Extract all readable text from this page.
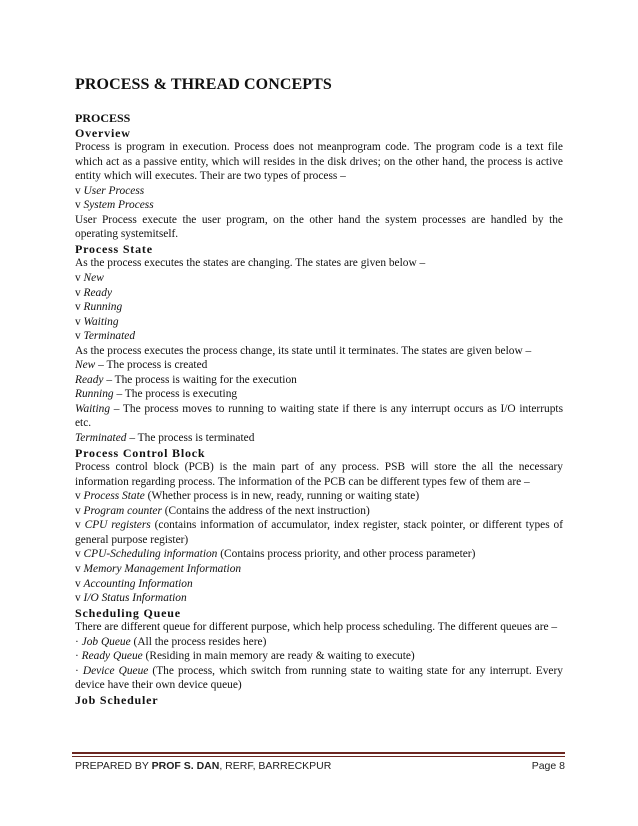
PROCESS & THREAD CONCEPTS

PROCESS

Overview

Process is program in execution. Process does not meanprogram code. The program code is a text file which act as a passive entity, which will resides in the disk drives; on the other hand, the process is active entity which will executes. Their are two types of process –

v User Process

v System Process

User Process execute the user program, on the other hand the system processes are handled by the operating systemitself.

Process State

As the process executes the states are changing. The states are given below –

v New

v Ready

v Running

v Waiting

v Terminated

As the process executes the process change, its state until it terminates. The states are given below –

New – The process is created

Ready – The process is waiting for the execution

Running – The process is executing

Waiting – The process moves to running to waiting state if there is any interrupt occurs as I/O interrupts etc.

Terminated – The process is terminated

Process Control Block

Process control block (PCB) is the main part of any process. PSB will store the all the necessary information regarding process. The information of the PCB can be different types few of them are –

v Process State (Whether process is in new, ready, running or waiting state)

v Program counter (Contains the address of the next instruction)

v CPU registers (contains information of accumulator, index register, stack pointer, or different types of general purpose register)

v CPU-Scheduling information (Contains process priority, and other process parameter)

v Memory Management Information

v Accounting Information

v I/O Status Information

Scheduling Queue

There are different queue for different purpose, which help process scheduling. The different queues are –

· Job Queue (All the process resides here)

· Ready Queue (Residing in main memory are ready & waiting to execute)

· Device Queue (The process, which switch from running state to waiting state for any interrupt. Every device have their own device queue)

Job Scheduler

PREPARED BY PROF S. DAN, RERF, BARRECKPUR	Page 8
